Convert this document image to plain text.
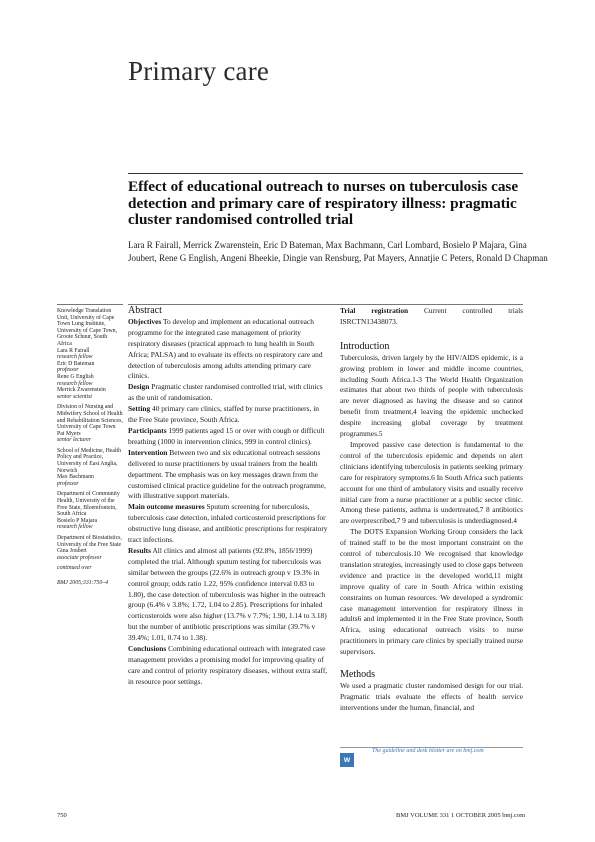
Primary care
Effect of educational outreach to nurses on tuberculosis case detection and primary care of respiratory illness: pragmatic cluster randomised controlled trial
Lara R Fairall, Merrick Zwarenstein, Eric D Bateman, Max Bachmann, Carl Lombard, Bosielo P Majara, Gina Joubert, Rene G English, Angeni Bheekie, Dingie van Rensburg, Pat Mayers, Annatjie C Peters, Ronald D Chapman
Knowledge Translation Unit, University of Cape Town Lung Institute, University of Cape Town, Groote Schuur, South Africa
Lara R Fairall
research fellow
Eric D Bateman
professor
Rene G English
research fellow
Merrick Zwarenstein
senior scientist
Division of Nursing and Midwifery School of Health and Rehabilitation Sciences, University of Cape Town
Pat Myers
senior lecturer
School of Medicine, Health Policy and Practice, University of East Anglia, Norwich
Max Bachmann
professor
Department of Community Health, University of the Free State, Bloemfontein, South Africa
Bosielo P Majara
research fellow
Department of Biostatistics, University of the Free State
Gina Joubert
associate professor
continued over
BMJ 2005;331:750–4

Abstract

Objectives To develop and implement an educational outreach programme for the integrated case management of priority respiratory diseases (practical approach to lung health in South Africa; PALSA) and to evaluate its effects on respiratory care and detection of tuberculosis among adults attending primary care clinics.

Design Pragmatic cluster randomised controlled trial, with clinics as the unit of randomisation.

Setting 40 primary care clinics, staffed by nurse practitioners, in the Free State province, South Africa.

Participants 1999 patients aged 15 or over with cough or difficult breathing (1000 in intervention clinics, 999 in control clinics).

Intervention Between two and six educational outreach sessions delivered to nurse practitioners by usual trainers from the health department. The emphasis was on key messages drawn from the customised clinical practice guideline for the outreach programme, with illustrative support materials.

Main outcome measures Sputum screening for tuberculosis, tuberculosis case detection, inhaled corticosteroid prescriptions for obstructive lung disease, and antibiotic prescriptions for respiratory tract infections.

Results All clinics and almost all patients (92.8%, 1856/1999) completed the trial. Although sputum testing for tuberculosis was similar between the groups (22.6% in outreach group v 19.3% in control group; odds ratio 1.22, 95% confidence interval 0.83 to 1.80), the case detection of tuberculosis was higher in the outreach group (6.4% v 3.8%; 1.72, 1.04 to 2.85). Prescriptions for inhaled corticosteroids were also higher (13.7% v 7.7%; 1.90, 1.14 to 3.18) but the number of antibiotic prescriptions was similar (39.7% v 39.4%; 1.01, 0.74 to 1.38).

Conclusions Combining educational outreach with integrated case management provides a promising model for improving quality of care and control of priority respiratory diseases, without extra staff, in resource poor settings.

Trial registration Current controlled trials ISRCTN13438073.

Introduction

Tuberculosis, driven largely by the HIV/AIDS epidemic, is a growing problem in lower and middle income countries, including South Africa.1-3 The World Health Organization estimates that about two thirds of people with tuberculosis are never diagnosed as having the disease and so cannot benefit from treatment,4 leaving the epidemic unchecked despite increasing global coverage by treatment programmes.5

Improved passive case detection is fundamental to the control of the tuberculosis epidemic and depends on alert clinicians identifying tuberculosis in patients seeking primary care for respiratory symptoms.6 In South Africa such patients account for one third of ambulatory visits and usually receive initial care from a nurse practitioner at a public sector clinic. Among these patients, asthma is undertreated,7 8 antibiotics are overprescribed,7 9 and tuberculosis is underdiagnosed.4

The DOTS Expansion Working Group considers the lack of trained staff to be the most important constraint on the control of tuberculosis.10 We recognised that knowledge translation strategies, increasingly used to close gaps between evidence and practice in the developed world,11 might improve quality of care in South Africa within existing constraints on human resources. We developed a syndromic case management intervention for respiratory illness in adults6 and implemented it in the Free State province, South Africa, using educational outreach visits to nurse practitioners in primary care clinics by specially trained nurse supervisors.

Methods

We used a pragmatic cluster randomised design for our trial. Pragmatic trials evaluate the effects of health service interventions under the human, financial, and

w
The guideline and desk blotter are on bmj.com
750	BMJ VOLUME 331 1 OCTOBER 2005 bmj.com
